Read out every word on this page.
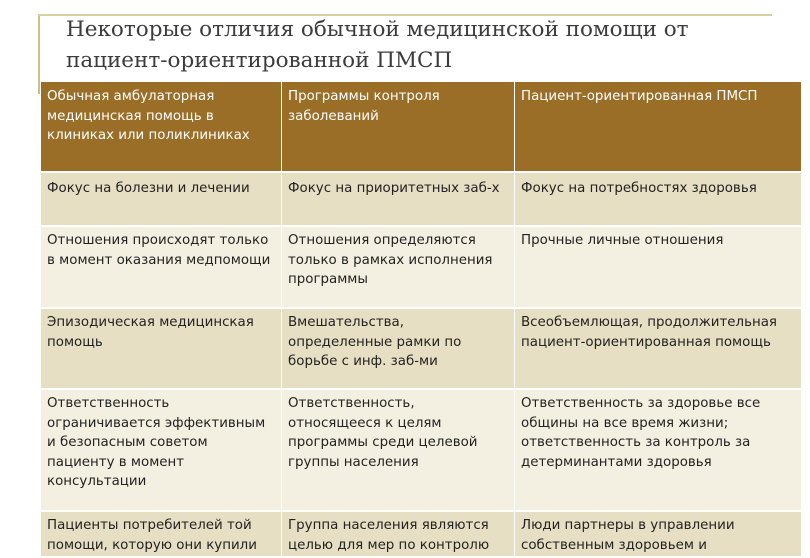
Некоторые отличия обычной медицинской помощи от пациент-ориентированной ПМСП
Обычная амбулаторная медицинская помощь в клиниках или поликлиниках	Программы контроля заболеваний	Пациент-ориентированная ПМСП
Фокус на болезни и лечении	Фокус на приоритетных заб-х	Фокус на потребностях здоровья
Отношения происходят только в момент оказания медпомощи	Отношения определяются только в рамках исполнения программы	Прочные личные отношения
Эпизодическая медицинская помощь	Вмешательства, определенные рамки по борьбе с инф. заб-ми	Всеобъемлющая, продолжительная пациент-ориентированная помощь
Ответственность ограничивается эффективным и безопасным советом пациенту в момент консультации	Ответственность, относящееся к целям программы среди целевой группы населения	Ответственность за здоровье все общины на все время жизни; ответственность за контроль за детерминантами здоровья
Пациенты потребителей той помощи, которую они купили	Группа населения являются целью для мер по контролю	Люди партнеры в управлении собственным здоровьем и
